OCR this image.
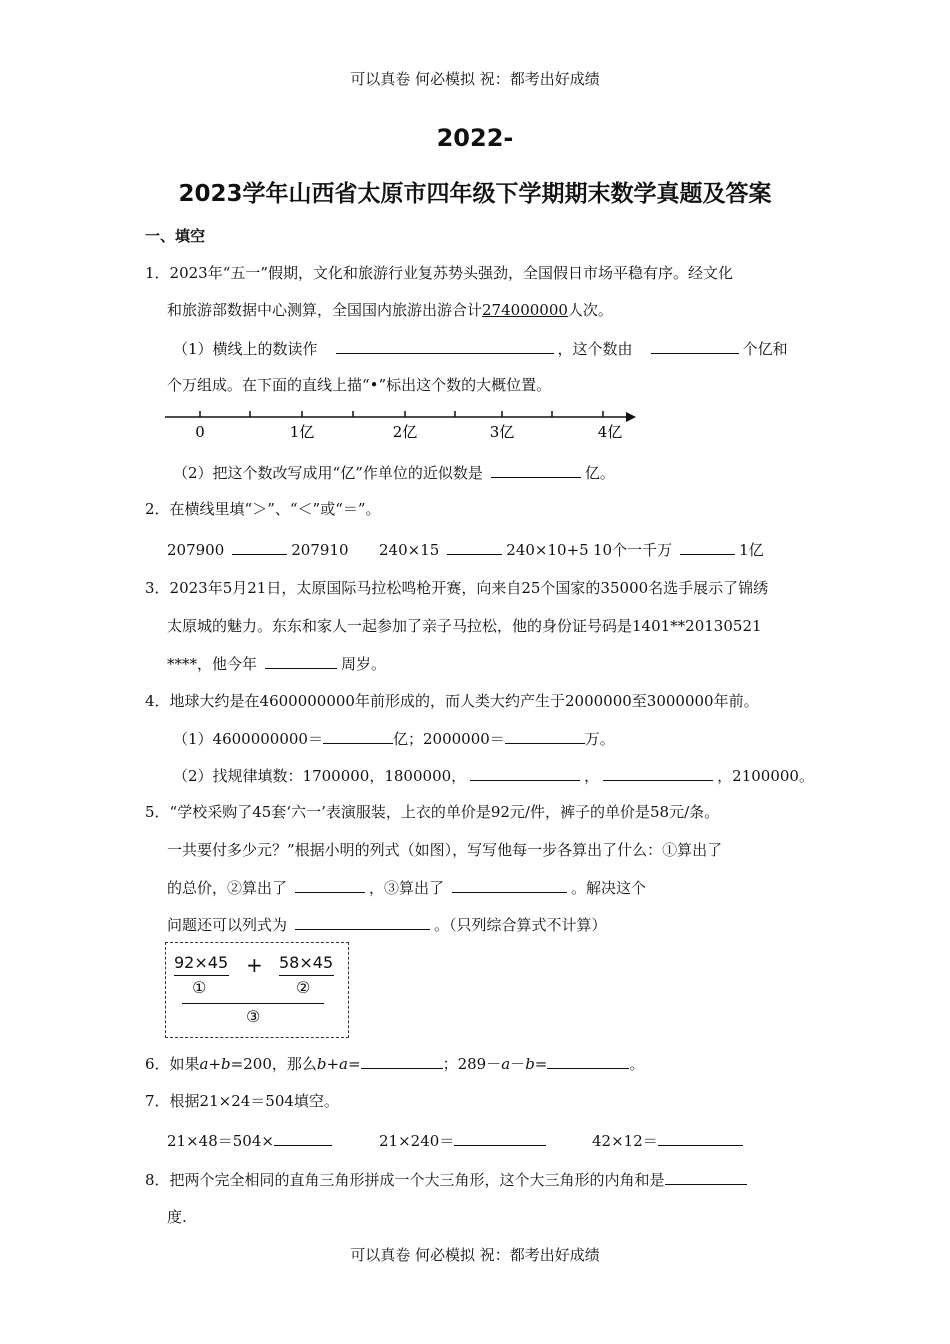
可以真卷 何必模拟 祝：都考出好成绩
2022-
2023学年山西省太原市四年级下学期期末数学真题及答案
一、填空
1．2023年“五一”假期，文化和旅游行业复苏势头强劲，全国假日市场平稳有序。经文化
和旅游部数据中心测算，全国国内旅游出游合计274000000人次。
（1）横线上的数读作	，这个数由	个亿和
个万组成。在下面的直线上描“•”标出这个数的大概位置。
0	1亿	2亿	3亿	4亿
（2）把这个数改写成用“亿”作单位的近似数是	亿。
2．在横线里填“＞”、“＜”或“＝”。
207900	207910 240×15	240×10+5 10个一千万	1亿
3．2023年5月21日，太原国际马拉松鸣枪开赛，向来自25个国家的35000名选手展示了锦绣
太原城的魅力。东东和家人一起参加了亲子马拉松，他的身份证号码是1401**20130521
****，他今年	周岁。
4．地球大约是在4600000000年前形成的，而人类大约产生于2000000至3000000年前。
（1）4600000000＝	亿；2000000＝	万。
（2）找规律填数：1700000，1800000，	，	，2100000。
5．“学校采购了45套‘六一’表演服装，上衣的单价是92元/件，裤子的单价是58元/条。
一共要付多少元？”根据小明的列式（如图），写写他每一步各算出了什么：①算出了
的总价，②算出了	，③算出了	。解决这个
问题还可以列式为	。（只列综合算式不计算）
92×45 + 58×45
①	②
③
6．如果a+b=200，那么b+a=	；289－a－b=	。
7．根据21×24＝504填空。
21×48＝504×	21×240＝	42×12＝
8．把两个完全相同的直角三角形拼成一个大三角形，这个大三角形的内角和是
度.
可以真卷 何必模拟 祝：都考出好成绩
